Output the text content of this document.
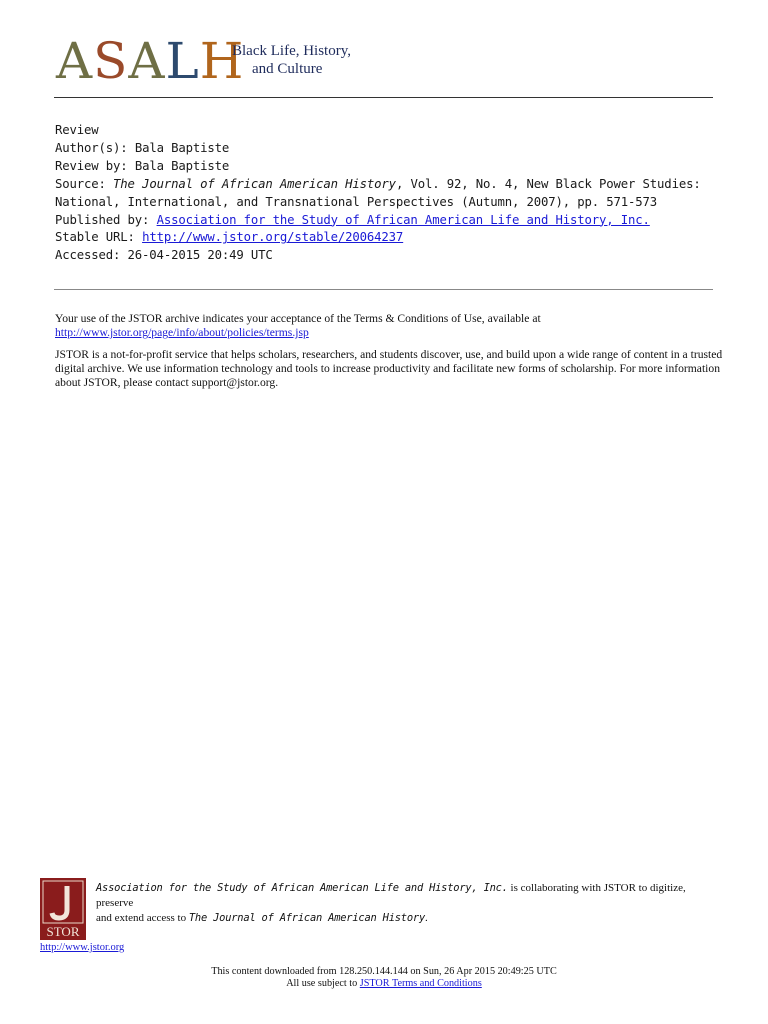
ASALH
Black Life, History,
and Culture
Review
Author(s): Bala Baptiste
Review by: Bala Baptiste
Source: The Journal of African American History, Vol. 92, No. 4, New Black Power Studies:
National, International, and Transnational Perspectives (Autumn, 2007), pp. 571-573
Published by: Association for the Study of African American Life and History, Inc.
Stable URL: http://www.jstor.org/stable/20064237
Accessed: 26-04-2015 20:49 UTC

Your use of the JSTOR archive indicates your acceptance of the Terms & Conditions of Use, available at
http://www.jstor.org/page/info/about/policies/terms.jsp

JSTOR is a not-for-profit service that helps scholars, researchers, and students discover, use, and build upon a wide range of content in a trusted digital archive. We use information technology and tools to increase productivity and facilitate new forms of scholarship. For more information about JSTOR, please contact support@jstor.org.

STOR
http://www.jstor.org
Association for the Study of African American Life and History, Inc. is collaborating with JSTOR to digitize, preserve
and extend access to The Journal of African American History.
This content downloaded from 128.250.144.144 on Sun, 26 Apr 2015 20:49:25 UTC
All use subject to JSTOR Terms and Conditions
